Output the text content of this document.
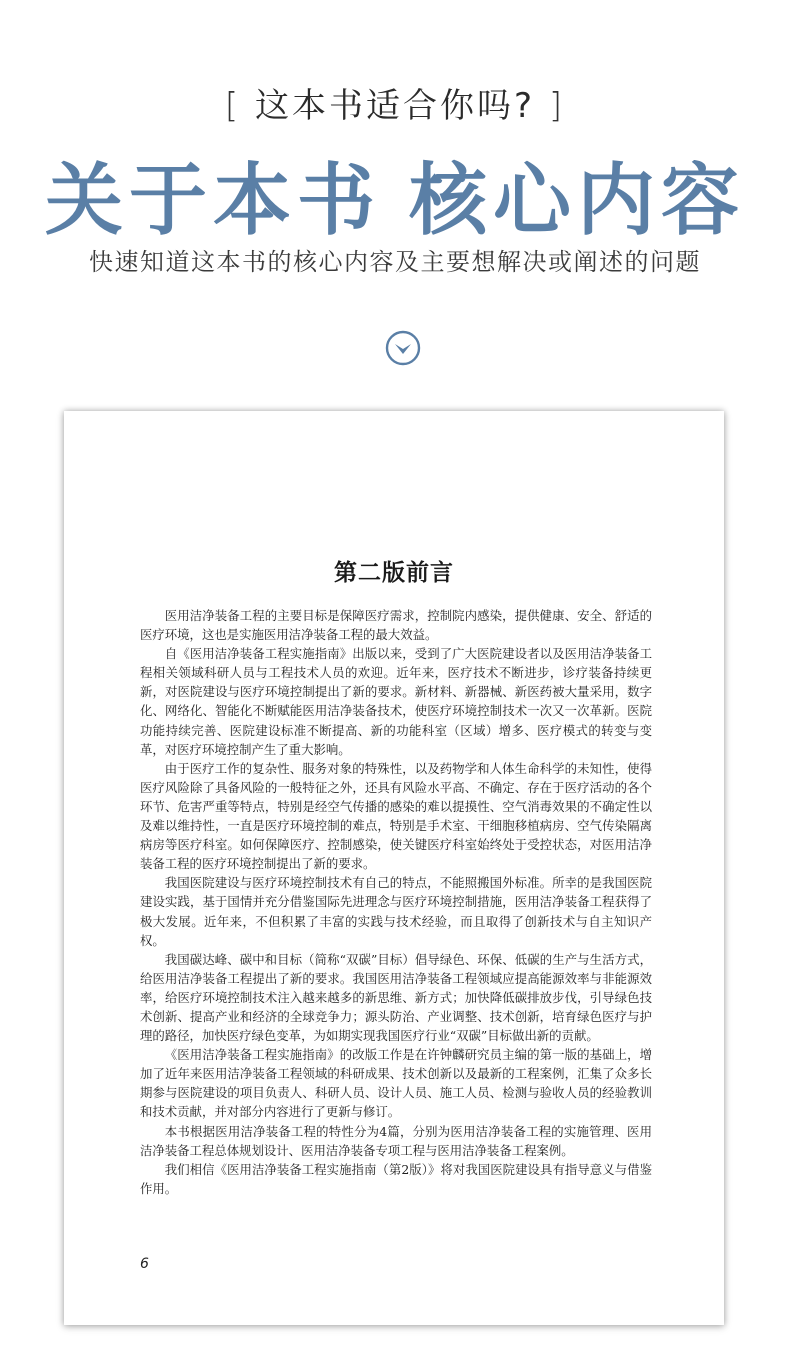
[ 这本书适合你吗? ]
关于本书 核心内容
快速知道这本书的核心内容及主要想解决或阐述的问题
第二版前言

医用洁净装备工程的主要目标是保障医疗需求，控制院内感染，提供健康、安全、舒适的医疗环境，这也是实施医用洁净装备工程的最大效益。

自《医用洁净装备工程实施指南》出版以来，受到了广大医院建设者以及医用洁净装备工程相关领域科研人员与工程技术人员的欢迎。近年来，医疗技术不断进步，诊疗装备持续更新，对医院建设与医疗环境控制提出了新的要求。新材料、新器械、新医药被大量采用，数字化、网络化、智能化不断赋能医用洁净装备技术，使医疗环境控制技术一次又一次革新。医院功能持续完善、医院建设标准不断提高、新的功能科室（区域）增多、医疗模式的转变与变革，对医疗环境控制产生了重大影响。

由于医疗工作的复杂性、服务对象的特殊性，以及药物学和人体生命科学的未知性，使得医疗风险除了具备风险的一般特征之外，还具有风险水平高、不确定、存在于医疗活动的各个环节、危害严重等特点，特别是经空气传播的感染的难以提摸性、空气消毒效果的不确定性以及难以维持性，一直是医疗环境控制的难点，特别是手术室、干细胞移植病房、空气传染隔离病房等医疗科室。如何保障医疗、控制感染，使关键医疗科室始终处于受控状态，对医用洁净装备工程的医疗环境控制提出了新的要求。

我国医院建设与医疗环境控制技术有自己的特点，不能照搬国外标准。所幸的是我国医院建设实践，基于国情并充分借鉴国际先进理念与医疗环境控制措施，医用洁净装备工程获得了极大发展。近年来，不但积累了丰富的实践与技术经验，而且取得了创新技术与自主知识产权。

我国碳达峰、碳中和目标（简称“双碳”目标）倡导绿色、环保、低碳的生产与生活方式，给医用洁净装备工程提出了新的要求。我国医用洁净装备工程领域应提高能源效率与非能源效率，给医疗环境控制技术注入越来越多的新思维、新方式；加快降低碳排放步伐，引导绿色技术创新、提高产业和经济的全球竞争力；源头防治、产业调整、技术创新，培育绿色医疗与护理的路径，加快医疗绿色变革，为如期实现我国医疗行业“双碳”目标做出新的贡献。

《医用洁净装备工程实施指南》的改版工作是在许钟麟研究员主编的第一版的基础上，增加了近年来医用洁净装备工程领域的科研成果、技术创新以及最新的工程案例，汇集了众多长期参与医院建设的项目负责人、科研人员、设计人员、施工人员、检测与验收人员的经验教训和技术贡献，并对部分内容进行了更新与修订。

本书根据医用洁净装备工程的特性分为4篇，分别为医用洁净装备工程的实施管理、医用洁净装备工程总体规划设计、医用洁净装备专项工程与医用洁净装备工程案例。

我们相信《医用洁净装备工程实施指南（第2版）》将对我国医院建设具有指导意义与借鉴作用。

6
